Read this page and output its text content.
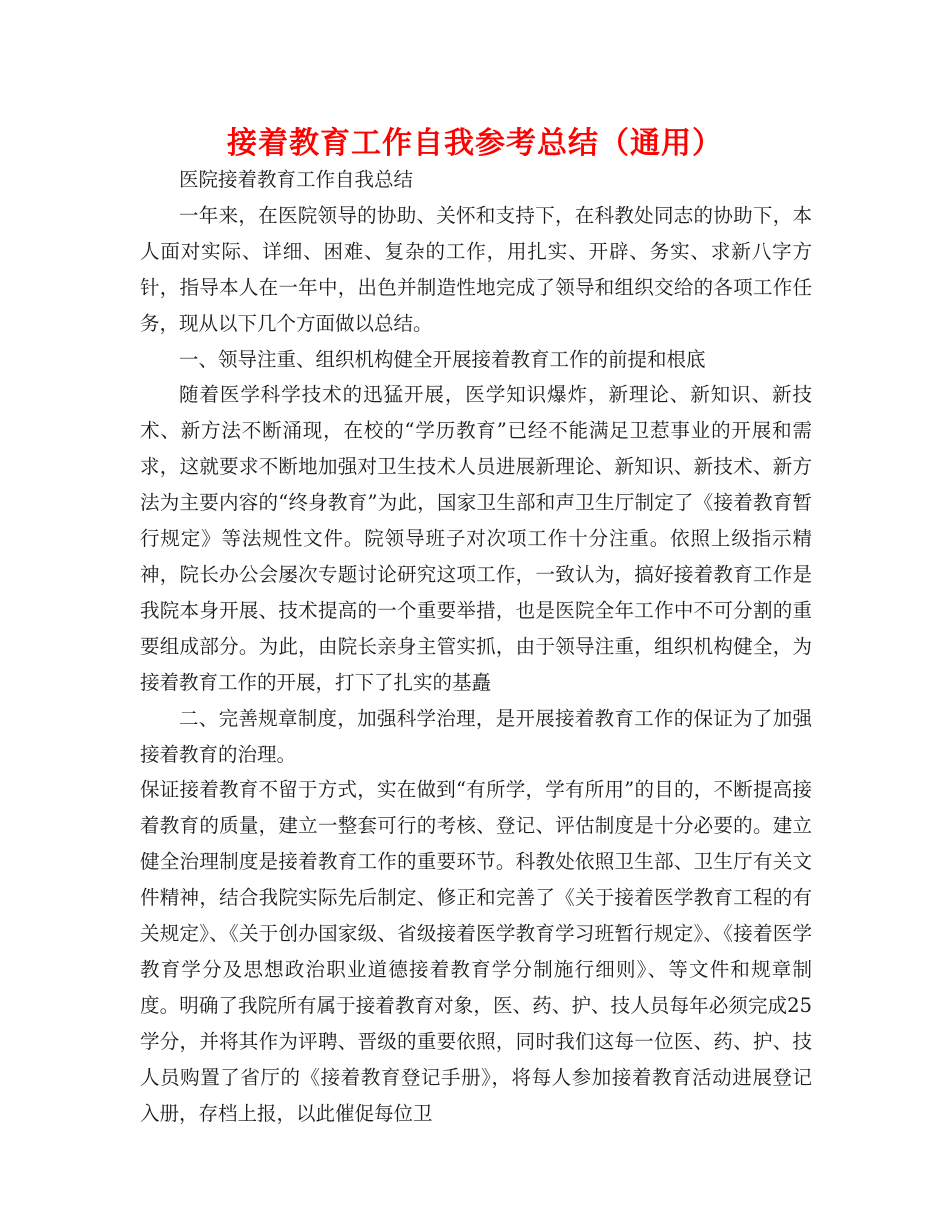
接着教育工作自我参考总结（通用）

医院接着教育工作自我总结

一年来，在医院领导的协助、关怀和支持下，在科教处同志的协助下，本人面对实际、详细、困难、复杂的工作，用扎实、开辟、务实、求新八字方针，指导本人在一年中，出色并制造性地完成了领导和组织交给的各项工作任务，现从以下几个方面做以总结。

一、领导注重、组织机构健全开展接着教育工作的前提和根底

随着医学科学技术的迅猛开展，医学知识爆炸，新理论、新知识、新技术、新方法不断涌现，在校的“学历教育”已经不能满足卫惹事业的开展和需求，这就要求不断地加强对卫生技术人员进展新理论、新知识、新技术、新方法为主要内容的“终身教育”为此，国家卫生部和声卫生厅制定了《接着教育暂行规定》等法规性文件。院领导班子对次项工作十分注重。依照上级指示精神，院长办公会屡次专题讨论研究这项工作，一致认为，搞好接着教育工作是我院本身开展、技术提高的一个重要举措，也是医院全年工作中不可分割的重要组成部分。为此，由院长亲身主管实抓，由于领导注重，组织机构健全，为接着教育工作的开展，打下了扎实的基矗

二、完善规章制度，加强科学治理，是开展接着教育工作的保证为了加强接着教育的治理。

保证接着教育不留于方式，实在做到“有所学，学有所用”的目的，不断提高接着教育的质量，建立一整套可行的考核、登记、评估制度是十分必要的。建立健全治理制度是接着教育工作的重要环节。科教处依照卫生部、卫生厅有关文件精神，结合我院实际先后制定、修正和完善了《关于接着医学教育工程的有关规定》、《关于创办国家级、省级接着医学教育学习班暂行规定》、《接着医学教育学分及思想政治职业道德接着教育学分制施行细则》、等文件和规章制度。明确了我院所有属于接着教育对象，医、药、护、技人员每年必须完成25学分，并将其作为评聘、晋级的重要依照，同时我们这每一位医、药、护、技人员购置了省厅的《接着教育登记手册》，将每人参加接着教育活动进展登记入册，存档上报，以此催促每位卫
